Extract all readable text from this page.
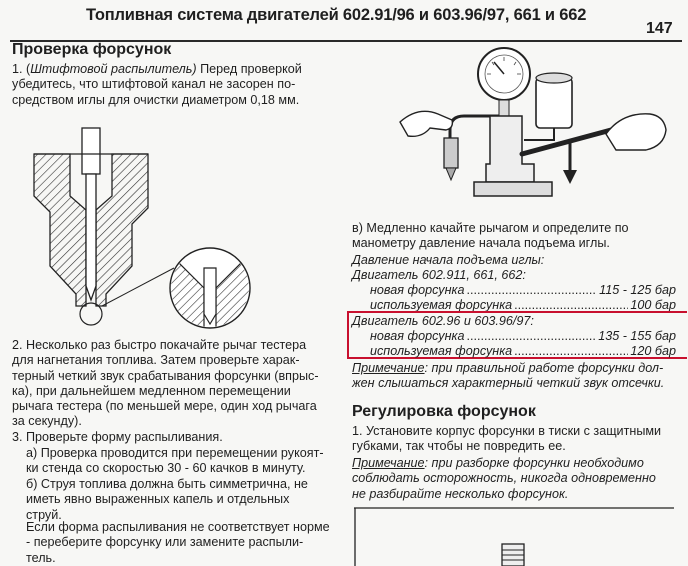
Топливная система двигателей 602.91/96 и 603.96/97, 661 и 662
147
Проверка форсунок

1. (Штифтовой распылитель) Перед проверкой

убедитесь, что штифтовой канал не засорен по-

средством иглы для очистки диаметром 0,18 мм.

2. Несколько раз быстро покачайте рычаг тестера

для нагнетания топлива. Затем проверьте харак-

терный четкий звук срабатывания форсунки (впрыс-

ка), при дальнейшем медленном перемещении

рычага тестера (по меньшей мере, один ход рычага

за секунду).

3. Проверьте форму распыливания.

а) Проверка проводится при перемещении рукоят-

ки стенда со скоростью 30 - 60 качков в минуту.

б) Струя топлива должна быть симметрична, не

иметь явно выраженных капель и отдельных

струй.

Если форма распыливания не соответствует норме

- переберите форсунку или замените распыли-

тель.

в) Медленно качайте рычагом и определите по

манометру давление начала подъема иглы.

Давление начала подъема иглы:
Двигатель 602.911, 661, 662:
новая форсунка .....	115 - 125 бар
используемая форсунка .....	100 бар
Двигатель 602.96 и 603.96/97:
новая форсунка .....	135 - 155 бар
используемая форсунка .....	120 бар

Примечание: при правильной работе форсунки дол-

жен слышаться характерный четкий звук отсечки.

Регулировка форсунок

1. Установите корпус форсунки в тиски с защитными

губками, так чтобы не повредить ее.

Примечание: при разборке форсунки необходимо

соблюдать осторожность, никогда одновременно

не разбирайте несколько форсунок.
